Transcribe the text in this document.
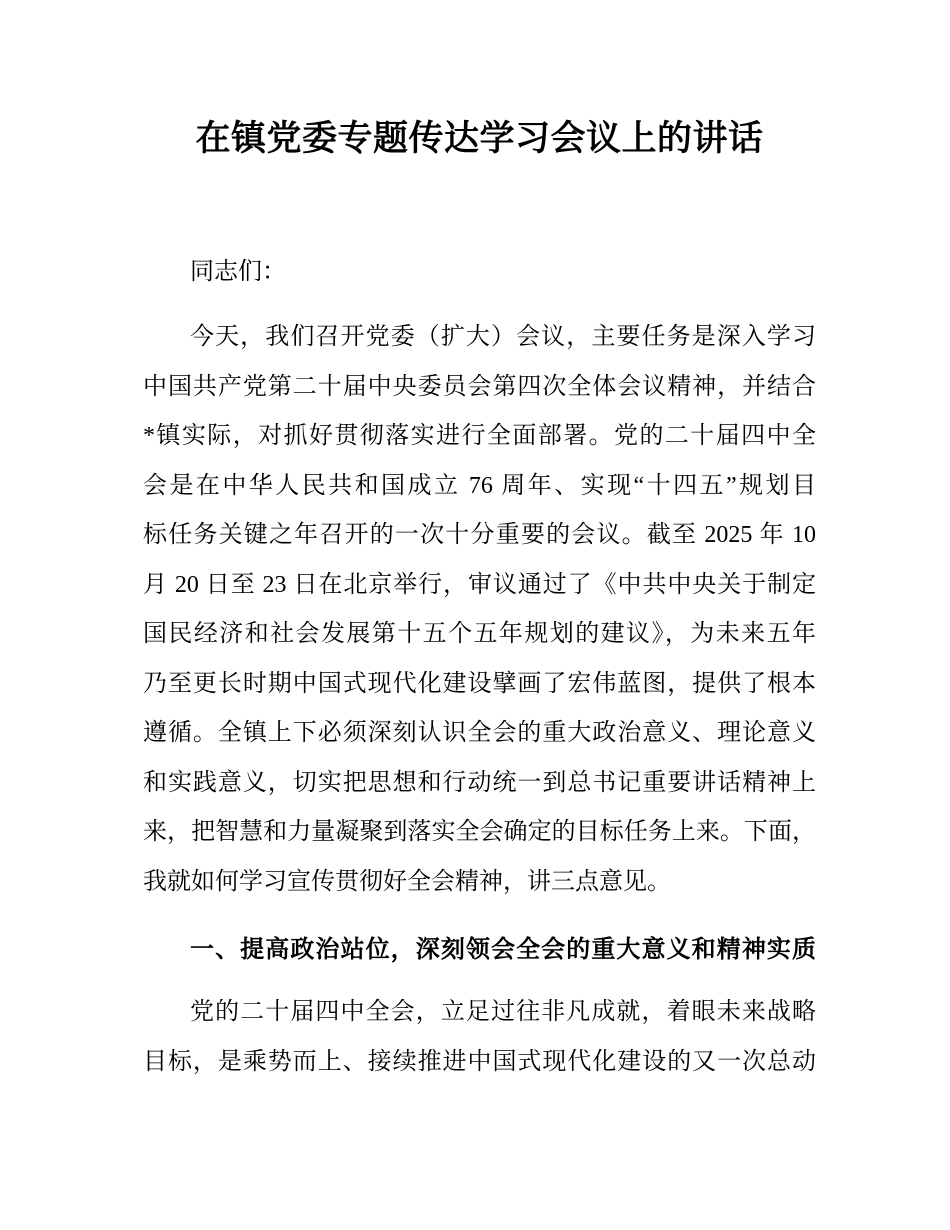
在镇党委专题传达学习会议上的讲话
同志们：
今天，我们召开党委（扩大）会议，主要任务是深入学习
中国共产党第二十届中央委员会第四次全体会议精神，并结合
*镇实际，对抓好贯彻落实进行全面部署。党的二十届四中全
会是在中华人民共和国成立 76 周年、实现“十四五”规划目
标任务关键之年召开的一次十分重要的会议。截至 2025 年 10
月 20 日至 23 日在北京举行，审议通过了《中共中央关于制定
国民经济和社会发展第十五个五年规划的建议》，为未来五年
乃至更长时期中国式现代化建设擘画了宏伟蓝图，提供了根本
遵循。全镇上下必须深刻认识全会的重大政治意义、理论意义
和实践意义，切实把思想和行动统一到总书记重要讲话精神上
来，把智慧和力量凝聚到落实全会确定的目标任务上来。下面，
我就如何学习宣传贯彻好全会精神，讲三点意见。
一、提高政治站位，深刻领会全会的重大意义和精神实质
党的二十届四中全会，立足过往非凡成就，着眼未来战略
目标，是乘势而上、接续推进中国式现代化建设的又一次总动
